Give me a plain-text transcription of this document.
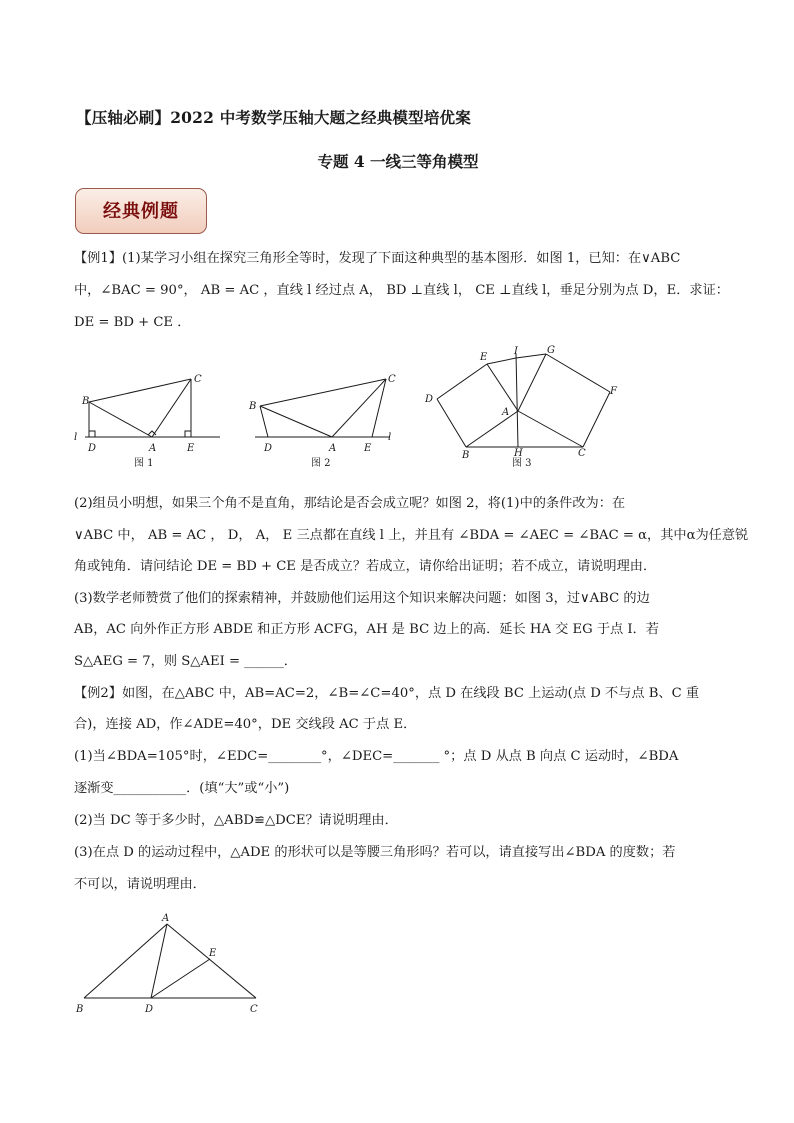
【压轴必刷】2022 中考数学压轴大题之经典模型培优案
专题 4 一线三等角模型
经典例题
【例1】(1)某学习小组在探究三角形全等时，发现了下面这种典型的基本图形．如图 1，已知：在∨ABC
中，∠BAC = 90°， AB = AC ，直线 l 经过点 A， BD ⊥直线 l， CE ⊥直线 l，垂足分别为点 D，E．求证：
DE = BD + CE ．
B
C
l
D	A	E
图 1
B
C
D	A	E
l
图 2
E
I	G
D
A
F
B	H	C
图 3
(2)组员小明想，如果三个角不是直角，那结论是否会成立呢？如图 2，将(1)中的条件改为：在
∨ABC 中， AB = AC ， D， A， E 三点都在直线 l 上，并且有 ∠BDA = ∠AEC = ∠BAC = α，其中α为任意锐
角或钝角．请问结论 DE = BD + CE 是否成立？若成立，请你给出证明；若不成立，请说明理由．
(3)数学老师赞赏了他们的探索精神，并鼓励他们运用这个知识来解决问题：如图 3，过∨ABC 的边
AB，AC 向外作正方形 ABDE 和正方形 ACFG，AH 是 BC 边上的高．延长 HA 交 EG 于点 I．若
S△AEG = 7，则 S△AEI = ______．
【例2】如图，在△ABC 中，AB=AC=2，∠B=∠C=40°，点 D 在线段 BC 上运动(点 D 不与点 B、C 重
合)，连接 AD，作∠ADE=40°，DE 交线段 AC 于点 E．
(1)当∠BDA=105°时，∠EDC=________°，∠DEC=_______ °；点 D 从点 B 向点 C 运动时，∠BDA
逐渐变___________．(填“大”或“小”)
(2)当 DC 等于多少时，△ABD≌△DCE？请说明理由．
(3)在点 D 的运动过程中，△ADE 的形状可以是等腰三角形吗？若可以，请直接写出∠BDA 的度数；若
不可以，请说明理由．
A
E
B	D	C
